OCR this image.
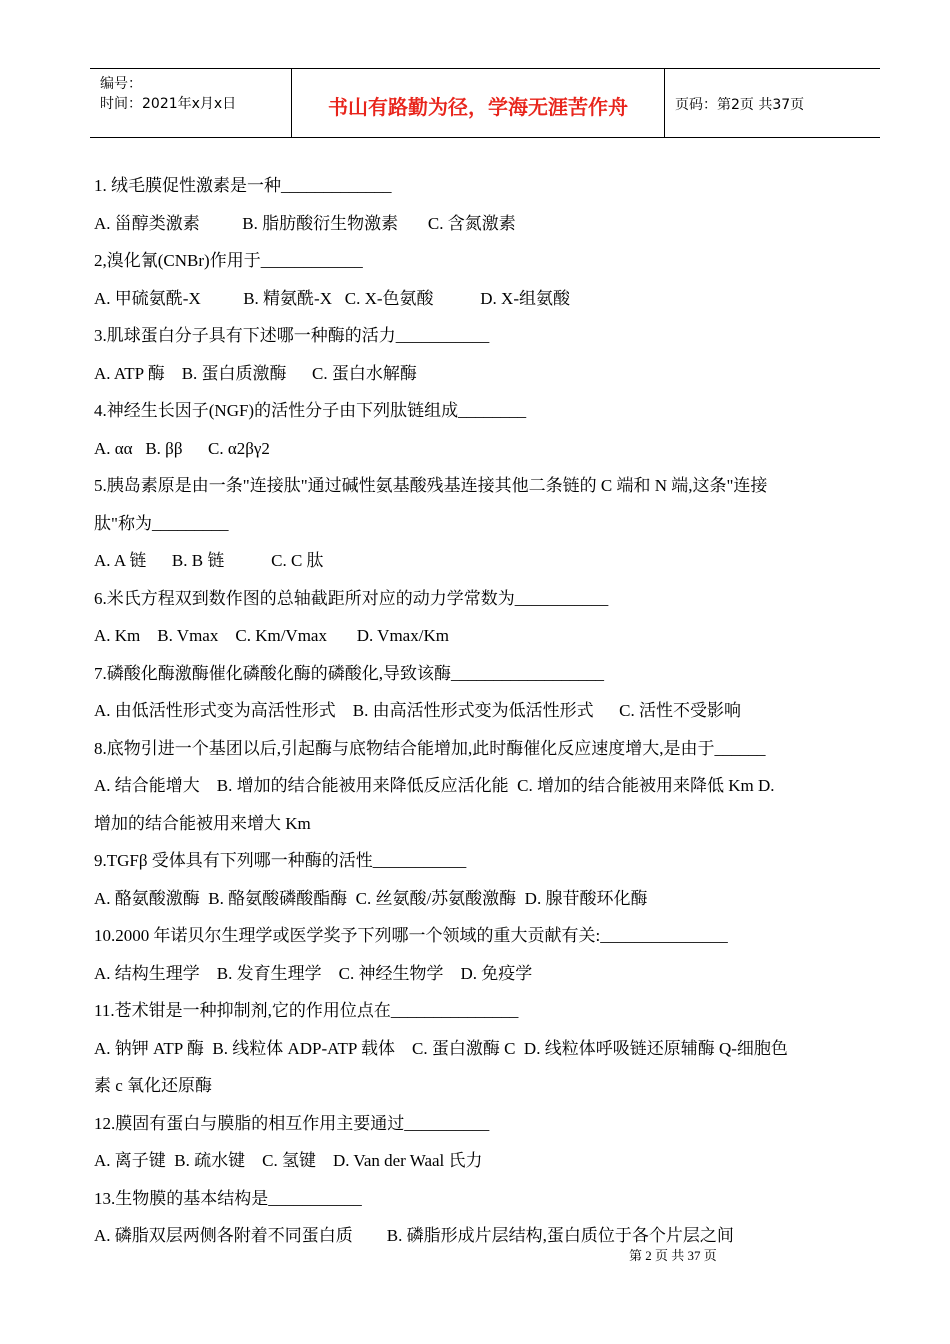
编号：
时间：2021年x月x日	书山有路勤为径，学海无涯苦作舟	页码：第2页 共37页
1. 绒毛膜促性激素是一种_____________
A. 甾醇类激素          B. 脂肪酸衍生物激素       C. 含氮激素
2,溴化氰(CNBr)作用于____________
A. 甲硫氨酰-X          B. 精氨酰-X   C. X-色氨酸           D. X-组氨酸
3.肌球蛋白分子具有下述哪一种酶的活力___________
A. ATP 酶    B. 蛋白质激酶      C. 蛋白水解酶
4.神经生长因子(NGF)的活性分子由下列肽链组成________
A. αα   B. ββ      C. α2βγ2
5.胰岛素原是由一条"连接肽"通过碱性氨基酸残基连接其他二条链的 C 端和 N 端,这条"连接
肽"称为_________
A. A 链      B. B 链           C. C 肽
6.米氏方程双到数作图的总轴截距所对应的动力学常数为___________
A. Km    B. Vmax    C. Km/Vmax       D. Vmax/Km
7.磷酸化酶激酶催化磷酸化酶的磷酸化,导致该酶__________________
A. 由低活性形式变为高活性形式    B. 由高活性形式变为低活性形式      C. 活性不受影响
8.底物引进一个基团以后,引起酶与底物结合能增加,此时酶催化反应速度增大,是由于______
A. 结合能增大    B. 增加的结合能被用来降低反应活化能  C. 增加的结合能被用来降低 Km D.
增加的结合能被用来增大 Km
9.TGFβ 受体具有下列哪一种酶的活性___________
A. 酪氨酸激酶  B. 酪氨酸磷酸酯酶  C. 丝氨酸/苏氨酸激酶  D. 腺苷酸环化酶
10.2000 年诺贝尔生理学或医学奖予下列哪一个领域的重大贡献有关:_______________
A. 结构生理学    B. 发育生理学    C. 神经生物学    D. 免疫学
11.苍术钳是一种抑制剂,它的作用位点在_______________
A. 钠钾 ATP 酶  B. 线粒体 ADP-ATP 载体    C. 蛋白激酶 C  D. 线粒体呼吸链还原辅酶 Q-细胞色
素 c 氧化还原酶
12.膜固有蛋白与膜脂的相互作用主要通过__________
A. 离子键  B. 疏水键    C. 氢键    D. Van der Waal 氏力
13.生物膜的基本结构是___________
A. 磷脂双层两侧各附着不同蛋白质        B. 磷脂形成片层结构,蛋白质位于各个片层之间
第 2 页 共 37 页
